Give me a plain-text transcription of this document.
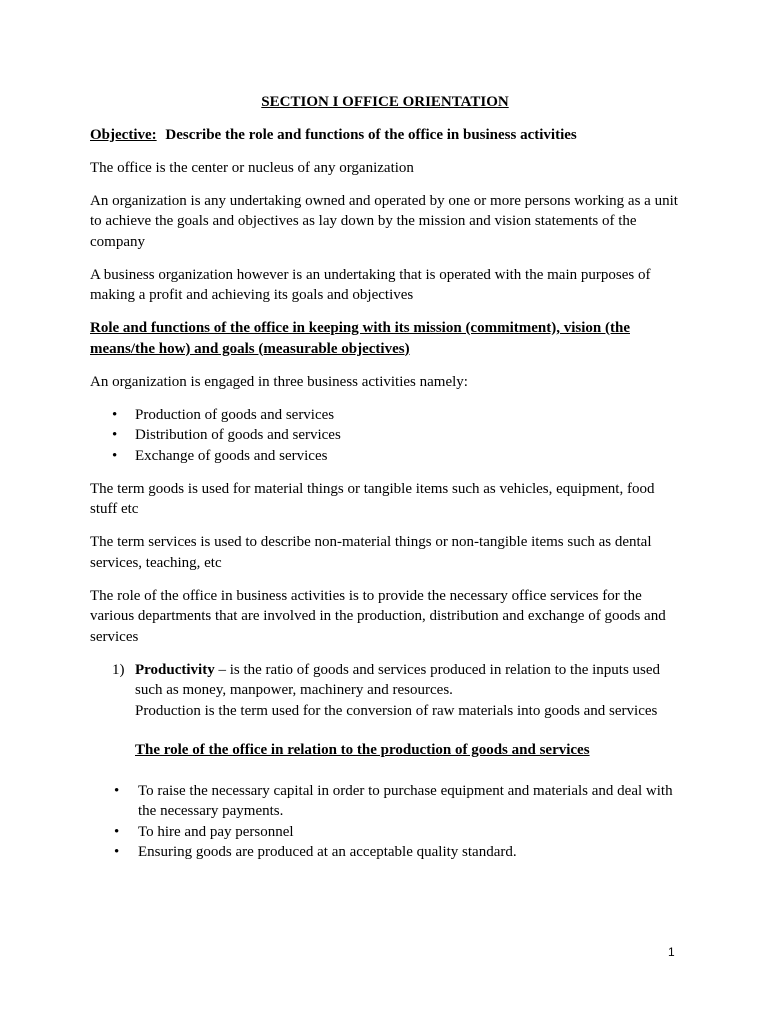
SECTION I OFFICE ORIENTATION

Objective: Describe the role and functions of the office in business activities

The office is the center or nucleus of any organization

An organization is any undertaking owned and operated by one or more persons working as a unit to achieve the goals and objectives as lay down by the mission and vision statements of the company

A business organization however is an undertaking that is operated with the main purposes of making a profit and achieving its goals and objectives

Role and functions of the office in keeping with its mission (commitment), vision (the means/the how) and goals (measurable objectives)

An organization is engaged in three business activities namely:

• Production of goods and services
• Distribution of goods and services
• Exchange of goods and services

The term goods is used for material things or tangible items such as vehicles, equipment, food stuff etc

The term services is used to describe non-material things or non-tangible items such as dental services, teaching, etc

The role of the office in business activities is to provide the necessary office services for the various departments that are involved in the production, distribution and exchange of goods and services

1) Productivity – is the ratio of goods and services produced in relation to the inputs used such as money, manpower, machinery and resources.
Production is the term used for the conversion of raw materials into goods and services

The role of the office in relation to the production of goods and services

• To raise the necessary capital in order to purchase equipment and materials and deal with the necessary payments.
• To hire and pay personnel
• Ensuring goods are produced at an acceptable quality standard.
1
